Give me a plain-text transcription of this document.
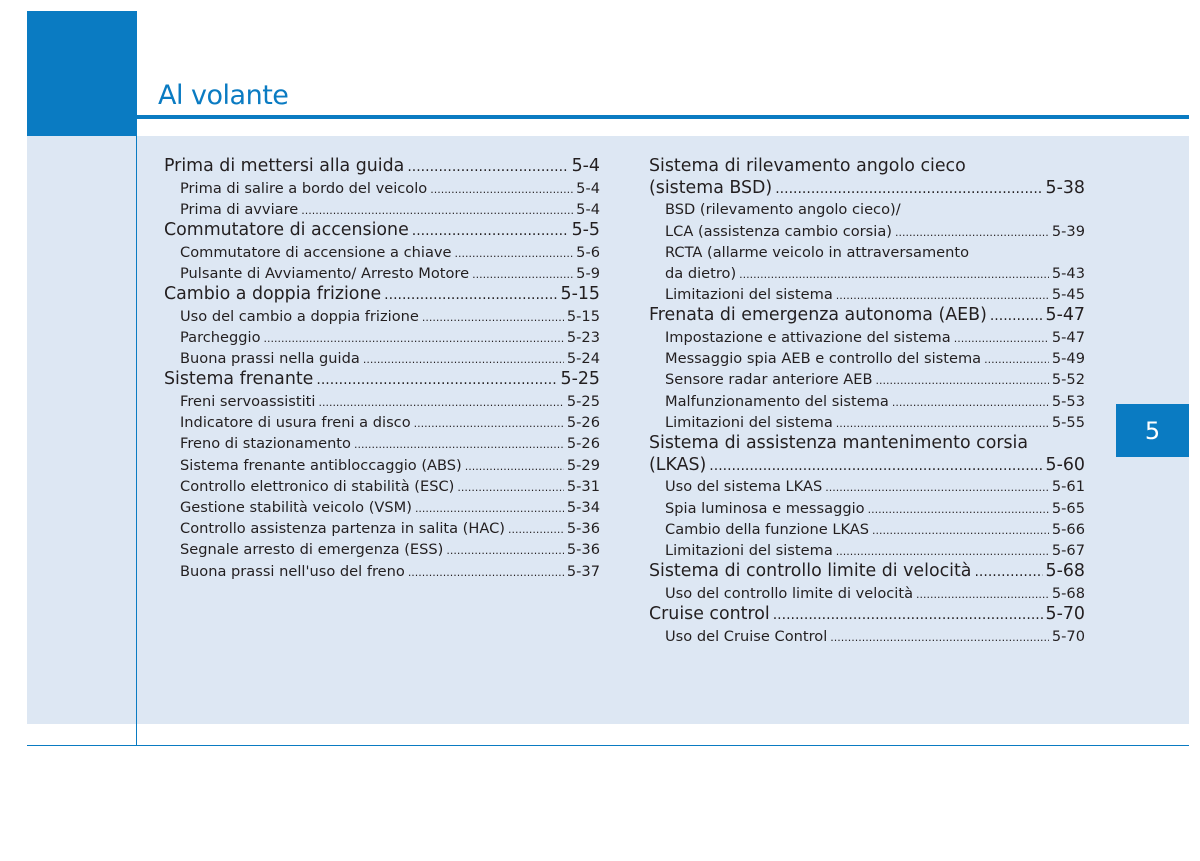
Al volante
5
Prima di mettersi alla guida .....	5-4
Prima di salire a bordo del veicolo .....	5-4
Prima di avviare .....	5-4
Commutatore di accensione .....	5-5
Commutatore di accensione a chiave .....	5-6
Pulsante di Avviamento/ Arresto Motore .....	5-9
Cambio a doppia frizione .....	5-15
Uso del cambio a doppia frizione .....	5-15
Parcheggio .....	5-23
Buona prassi nella guida .....	5-24
Sistema frenante .....	5-25
Freni servoassistiti .....	5-25
Indicatore di usura freni a disco .....	5-26
Freno di stazionamento .....	5-26
Sistema frenante antibloccaggio (ABS) .....	5-29
Controllo elettronico di stabilità (ESC) .....	5-31
Gestione stabilità veicolo (VSM) .....	5-34
Controllo assistenza partenza in salita (HAC) .....	5-36
Segnale arresto di emergenza (ESS) .....	5-36
Buona prassi nell'uso del freno .....	5-37
Sistema di rilevamento angolo cieco
(sistema BSD) .....	5-38
BSD (rilevamento angolo cieco)/
LCA (assistenza cambio corsia) .....	5-39
RCTA (allarme veicolo in attraversamento
da dietro) .....	5-43
Limitazioni del sistema .....	5-45
Frenata di emergenza autonoma (AEB) .....	5-47
Impostazione e attivazione del sistema .....	5-47
Messaggio spia AEB e controllo del sistema .....	5-49
Sensore radar anteriore AEB .....	5-52
Malfunzionamento del sistema .....	5-53
Limitazioni del sistema .....	5-55
Sistema di assistenza mantenimento corsia
(LKAS) .....	5-60
Uso del sistema LKAS .....	5-61
Spia luminosa e messaggio .....	5-65
Cambio della funzione LKAS .....	5-66
Limitazioni del sistema .....	5-67
Sistema di controllo limite di velocità .....	5-68
Uso del controllo limite di velocità .....	5-68
Cruise control .....	5-70
Uso del Cruise Control .....	5-70
